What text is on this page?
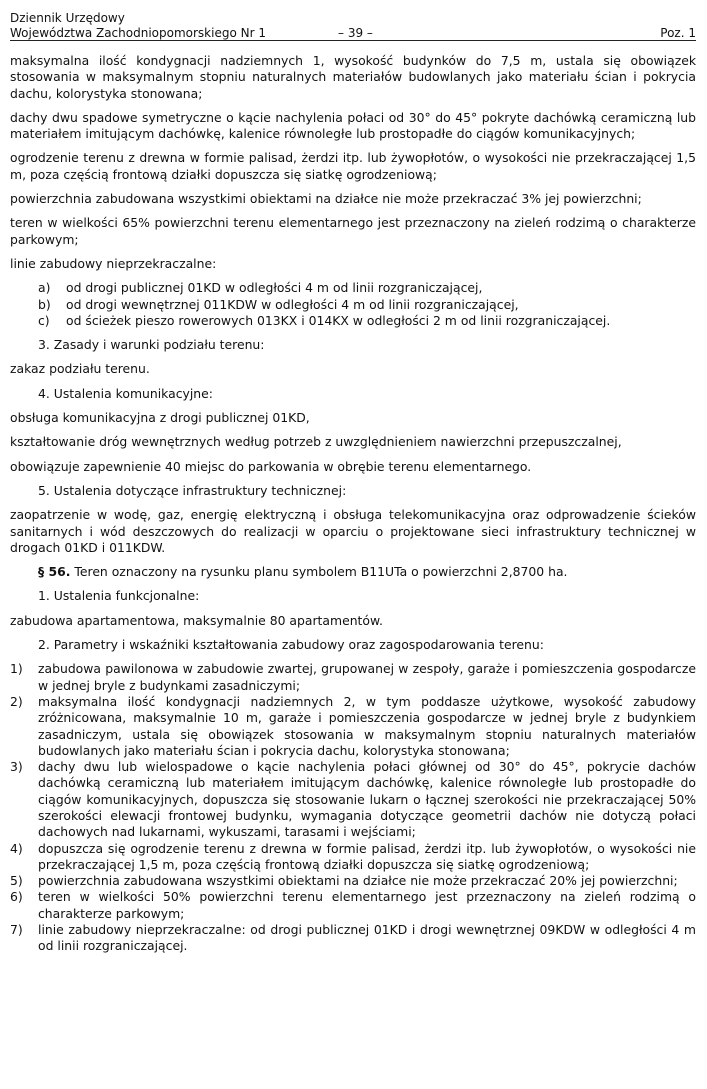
Dziennik Urzędowy
Województwa Zachodniopomorskiego Nr 1	– 39 –	Poz. 1

maksymalna ilość kondygnacji nadziemnych 1, wysokość budynków do 7,5 m, ustala się obowiązek stosowania w maksymalnym stopniu naturalnych materiałów budowlanych jako materiału ścian i pokrycia dachu, kolorystyka stonowana;

dachy dwu spadowe symetryczne o kącie nachylenia połaci od 30° do 45° pokryte dachówką ceramiczną lub materiałem imitującym dachówkę, kalenice równoległe lub prostopadłe do ciągów komunikacyjnych;

ogrodzenie terenu z drewna w formie palisad, żerdzi itp. lub żywopłotów, o wysokości nie przekraczającej 1,5 m, poza częścią frontową działki dopuszcza się siatkę ogrodzeniową;

powierzchnia zabudowana wszystkimi obiektami na działce nie może przekraczać 3% jej powierzchni;

teren w wielkości 65% powierzchni terenu elementarnego jest przeznaczony na zieleń rodzimą o charakterze parkowym;

linie zabudowy nieprzekraczalne:

a) od drogi publicznej 01KD w odległości 4 m od linii rozgraniczającej,
b) od drogi wewnętrznej 011KDW w odległości 4 m od linii rozgraniczającej,
c) od ścieżek pieszo rowerowych 013KX i 014KX w odległości 2 m od linii rozgraniczającej.

3. Zasady i warunki podziału terenu:

zakaz podziału terenu.

4. Ustalenia komunikacyjne:

obsługa komunikacyjna z drogi publicznej 01KD,

kształtowanie dróg wewnętrznych według potrzeb z uwzględnieniem nawierzchni przepuszczalnej,

obowiązuje zapewnienie 40 miejsc do parkowania w obrębie terenu elementarnego.

5. Ustalenia dotyczące infrastruktury technicznej:

zaopatrzenie w wodę, gaz, energię elektryczną i obsługa telekomunikacyjna oraz odprowadzenie ścieków sanitarnych i wód deszczowych do realizacji w oparciu o projektowane sieci infrastruktury technicznej w drogach 01KD i 011KDW.

§ 56. Teren oznaczony na rysunku planu symbolem B11UTa o powierzchni 2,8700 ha.

1. Ustalenia funkcjonalne:

zabudowa apartamentowa, maksymalnie 80 apartamentów.

2. Parametry i wskaźniki kształtowania zabudowy oraz zagospodarowania terenu:

1) zabudowa pawilonowa w zabudowie zwartej, grupowanej w zespoły, garaże i pomieszczenia gospodarcze w jednej bryle z budynkami zasadniczymi;
2) maksymalna ilość kondygnacji nadziemnych 2, w tym poddasze użytkowe, wysokość zabudowy zróżnicowana, maksymalnie 10 m, garaże i pomieszczenia gospodarcze w jednej bryle z budynkiem zasadniczym, ustala się obowiązek stosowania w maksymalnym stopniu naturalnych materiałów budowlanych jako materiału ścian i pokrycia dachu, kolorystyka stonowana;
3) dachy dwu lub wielospadowe o kącie nachylenia połaci głównej od 30° do 45°, pokrycie dachów dachówką ceramiczną lub materiałem imitującym dachówkę, kalenice równoległe lub prostopadłe do ciągów komunikacyjnych, dopuszcza się stosowanie lukarn o łącznej szerokości nie przekraczającej 50% szerokości elewacji frontowej budynku, wymagania dotyczące geometrii dachów nie dotyczą połaci dachowych nad lukarnami, wykuszami, tarasami i wejściami;
4) dopuszcza się ogrodzenie terenu z drewna w formie palisad, żerdzi itp. lub żywopłotów, o wysokości nie przekraczającej 1,5 m, poza częścią frontową działki dopuszcza się siatkę ogrodzeniową;
5) powierzchnia zabudowana wszystkimi obiektami na działce nie może przekraczać 20% jej powierzchni;
6) teren w wielkości 50% powierzchni terenu elementarnego jest przeznaczony na zieleń rodzimą o charakterze parkowym;
7) linie zabudowy nieprzekraczalne: od drogi publicznej 01KD i drogi wewnętrznej 09KDW w odległości 4 m od linii rozgraniczającej.
